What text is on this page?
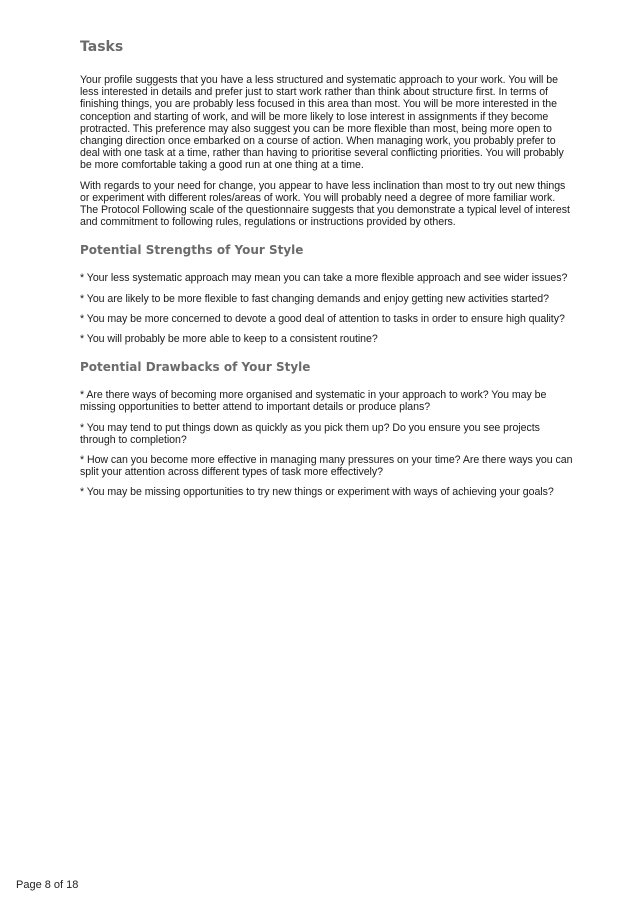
Tasks

Your profile suggests that you have a less structured and systematic approach to your work. You will be less interested in details and prefer just to start work rather than think about structure first. In terms of finishing things, you are probably less focused in this area than most. You will be more interested in the conception and starting of work, and will be more likely to lose interest in assignments if they become protracted. This preference may also suggest you can be more flexible than most, being more open to changing direction once embarked on a course of action. When managing work, you probably prefer to deal with one task at a time, rather than having to prioritise several conflicting priorities. You will probably be more comfortable taking a good run at one thing at a time.

With regards to your need for change, you appear to have less inclination than most to try out new things or experiment with different roles/areas of work. You will probably need a degree of more familiar work. The Protocol Following scale of the questionnaire suggests that you demonstrate a typical level of interest and commitment to following rules, regulations or instructions provided by others.

Potential Strengths of Your Style

* Your less systematic approach may mean you can take a more flexible approach and see wider issues?

* You are likely to be more flexible to fast changing demands and enjoy getting new activities started?

* You may be more concerned to devote a good deal of attention to tasks in order to ensure high quality?

* You will probably be more able to keep to a consistent routine?

Potential Drawbacks of Your Style

* Are there ways of becoming more organised and systematic in your approach to work? You may be missing opportunities to better attend to important details or produce plans?

* You may tend to put things down as quickly as you pick them up? Do you ensure you see projects through to completion?

* How can you become more effective in managing many pressures on your time? Are there ways you can split your attention across different types of task more effectively?

* You may be missing opportunities to try new things or experiment with ways of achieving your goals?

Page 8 of 18
